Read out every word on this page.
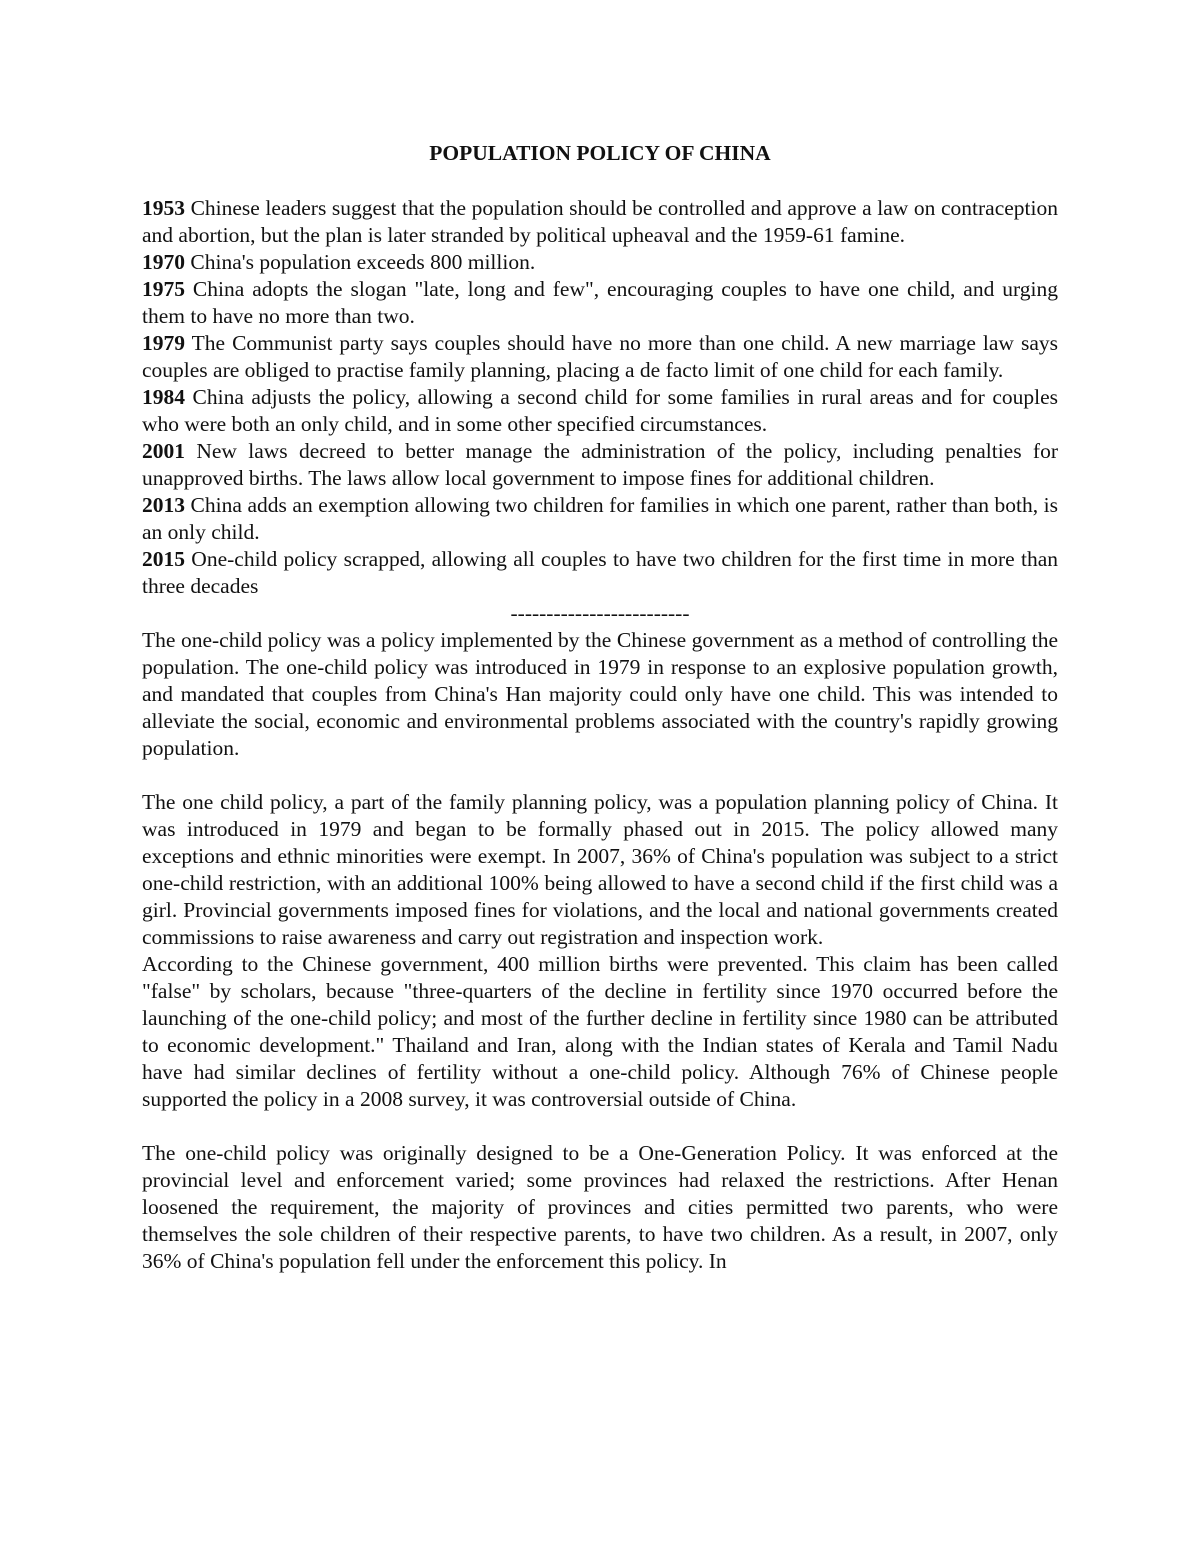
POPULATION POLICY OF CHINA

1953 Chinese leaders suggest that the population should be controlled and approve a law on contraception and abortion, but the plan is later stranded by political upheaval and the 1959-61 famine.

1970 China's population exceeds 800 million.

1975 China adopts the slogan "late, long and few", encouraging couples to have one child, and urging them to have no more than two.

1979 The Communist party says couples should have no more than one child. A new marriage law says couples are obliged to practise family planning, placing a de facto limit of one child for each family.

1984 China adjusts the policy, allowing a second child for some families in rural areas and for couples who were both an only child, and in some other specified circumstances.

2001 New laws decreed to better manage the administration of the policy, including penalties for unapproved births. The laws allow local government to impose fines for additional children.

2013 China adds an exemption allowing two children for families in which one parent, rather than both, is an only child.

2015 One-child policy scrapped, allowing all couples to have two children for the first time in more than three decades

-------------------------

The one-child policy was a policy implemented by the Chinese government as a method of controlling the population. The one-child policy was introduced in 1979 in response to an explosive population growth, and mandated that couples from China's Han majority could only have one child. This was intended to alleviate the social, economic and environmental problems associated with the country's rapidly growing population.

The one child policy, a part of the family planning policy, was a population planning policy of China. It was introduced in 1979 and began to be formally phased out in 2015. The policy allowed many exceptions and ethnic minorities were exempt. In 2007, 36% of China's population was subject to a strict one-child restriction, with an additional 100% being allowed to have a second child if the first child was a girl. Provincial governments imposed fines for violations, and the local and national governments created commissions to raise awareness and carry out registration and inspection work.

According to the Chinese government, 400 million births were prevented. This claim has been called "false" by scholars, because "three-quarters of the decline in fertility since 1970 occurred before the launching of the one-child policy; and most of the further decline in fertility since 1980 can be attributed to economic development." Thailand and Iran, along with the Indian states of Kerala and Tamil Nadu have had similar declines of fertility without a one-child policy. Although 76% of Chinese people supported the policy in a 2008 survey, it was controversial outside of China.

The one-child policy was originally designed to be a One-Generation Policy. It was enforced at the provincial level and enforcement varied; some provinces had relaxed the restrictions. After Henan loosened the requirement, the majority of provinces and cities permitted two parents, who were themselves the sole children of their respective parents, to have two children. As a result, in 2007, only 36% of China's population fell under the enforcement this policy. In
